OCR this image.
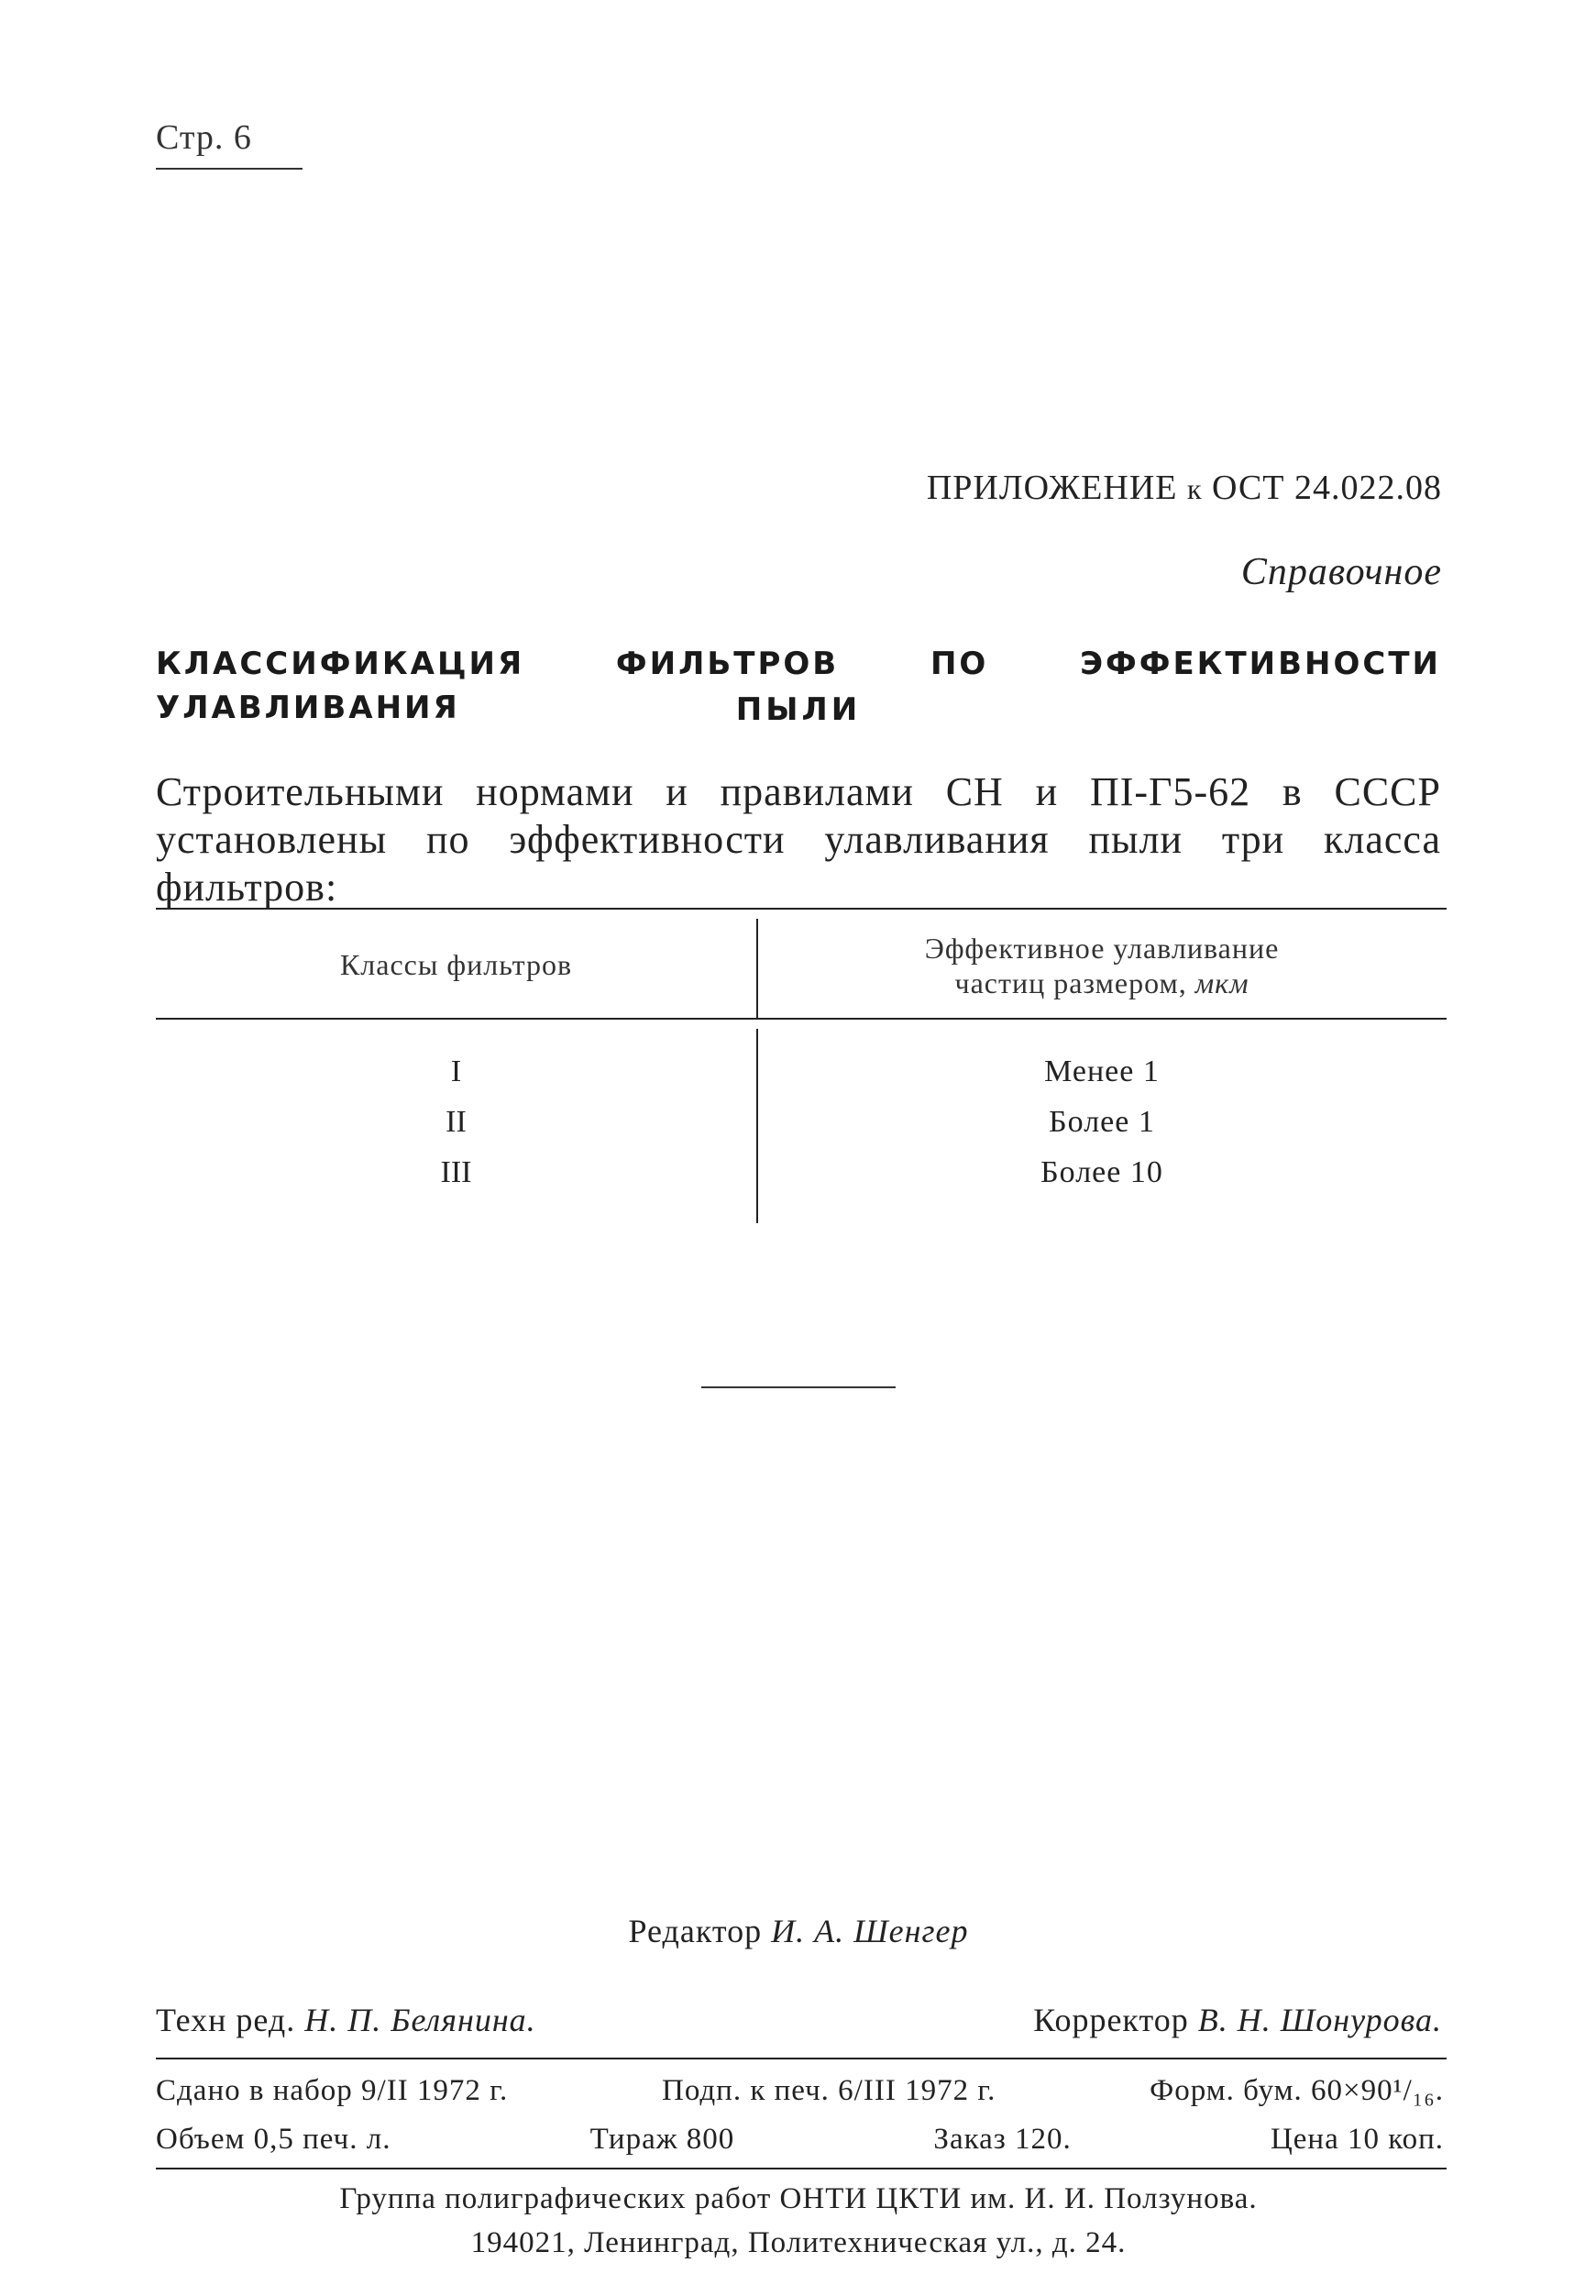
Стр. 6
ПРИЛОЖЕНИЕ к ОСТ 24.022.08
Справочное
КЛАССИФИКАЦИЯ ФИЛЬТРОВ ПО ЭФФЕКТИВНОСТИ УЛАВЛИВАНИЯ	ПЫЛИ
Строительными нормами и правилами СН и ПI-Г5-62 в СССР установлены по эффективности улавливания пыли три класса фильтров:
Классы фильтров	Эффективное улавливание
частиц размером, мкм
I	Менее 1
II	Более 1
III	Более 10
Редактор И. А. Шенгер
Техн ред. Н. П. Белянина.	Корректор В. Н. Шонурова.
Сдано в набор 9/II 1972 г.	Подп. к печ. 6/III 1972 г.	Форм. бум. 60×90¹/₁₆.
Объем 0,5 печ. л.	Тираж 800	Заказ 120.	Цена 10 коп.
Группа полиграфических работ ОНТИ ЦКТИ им. И. И. Ползунова.
194021, Ленинград, Политехническая ул., д. 24.
